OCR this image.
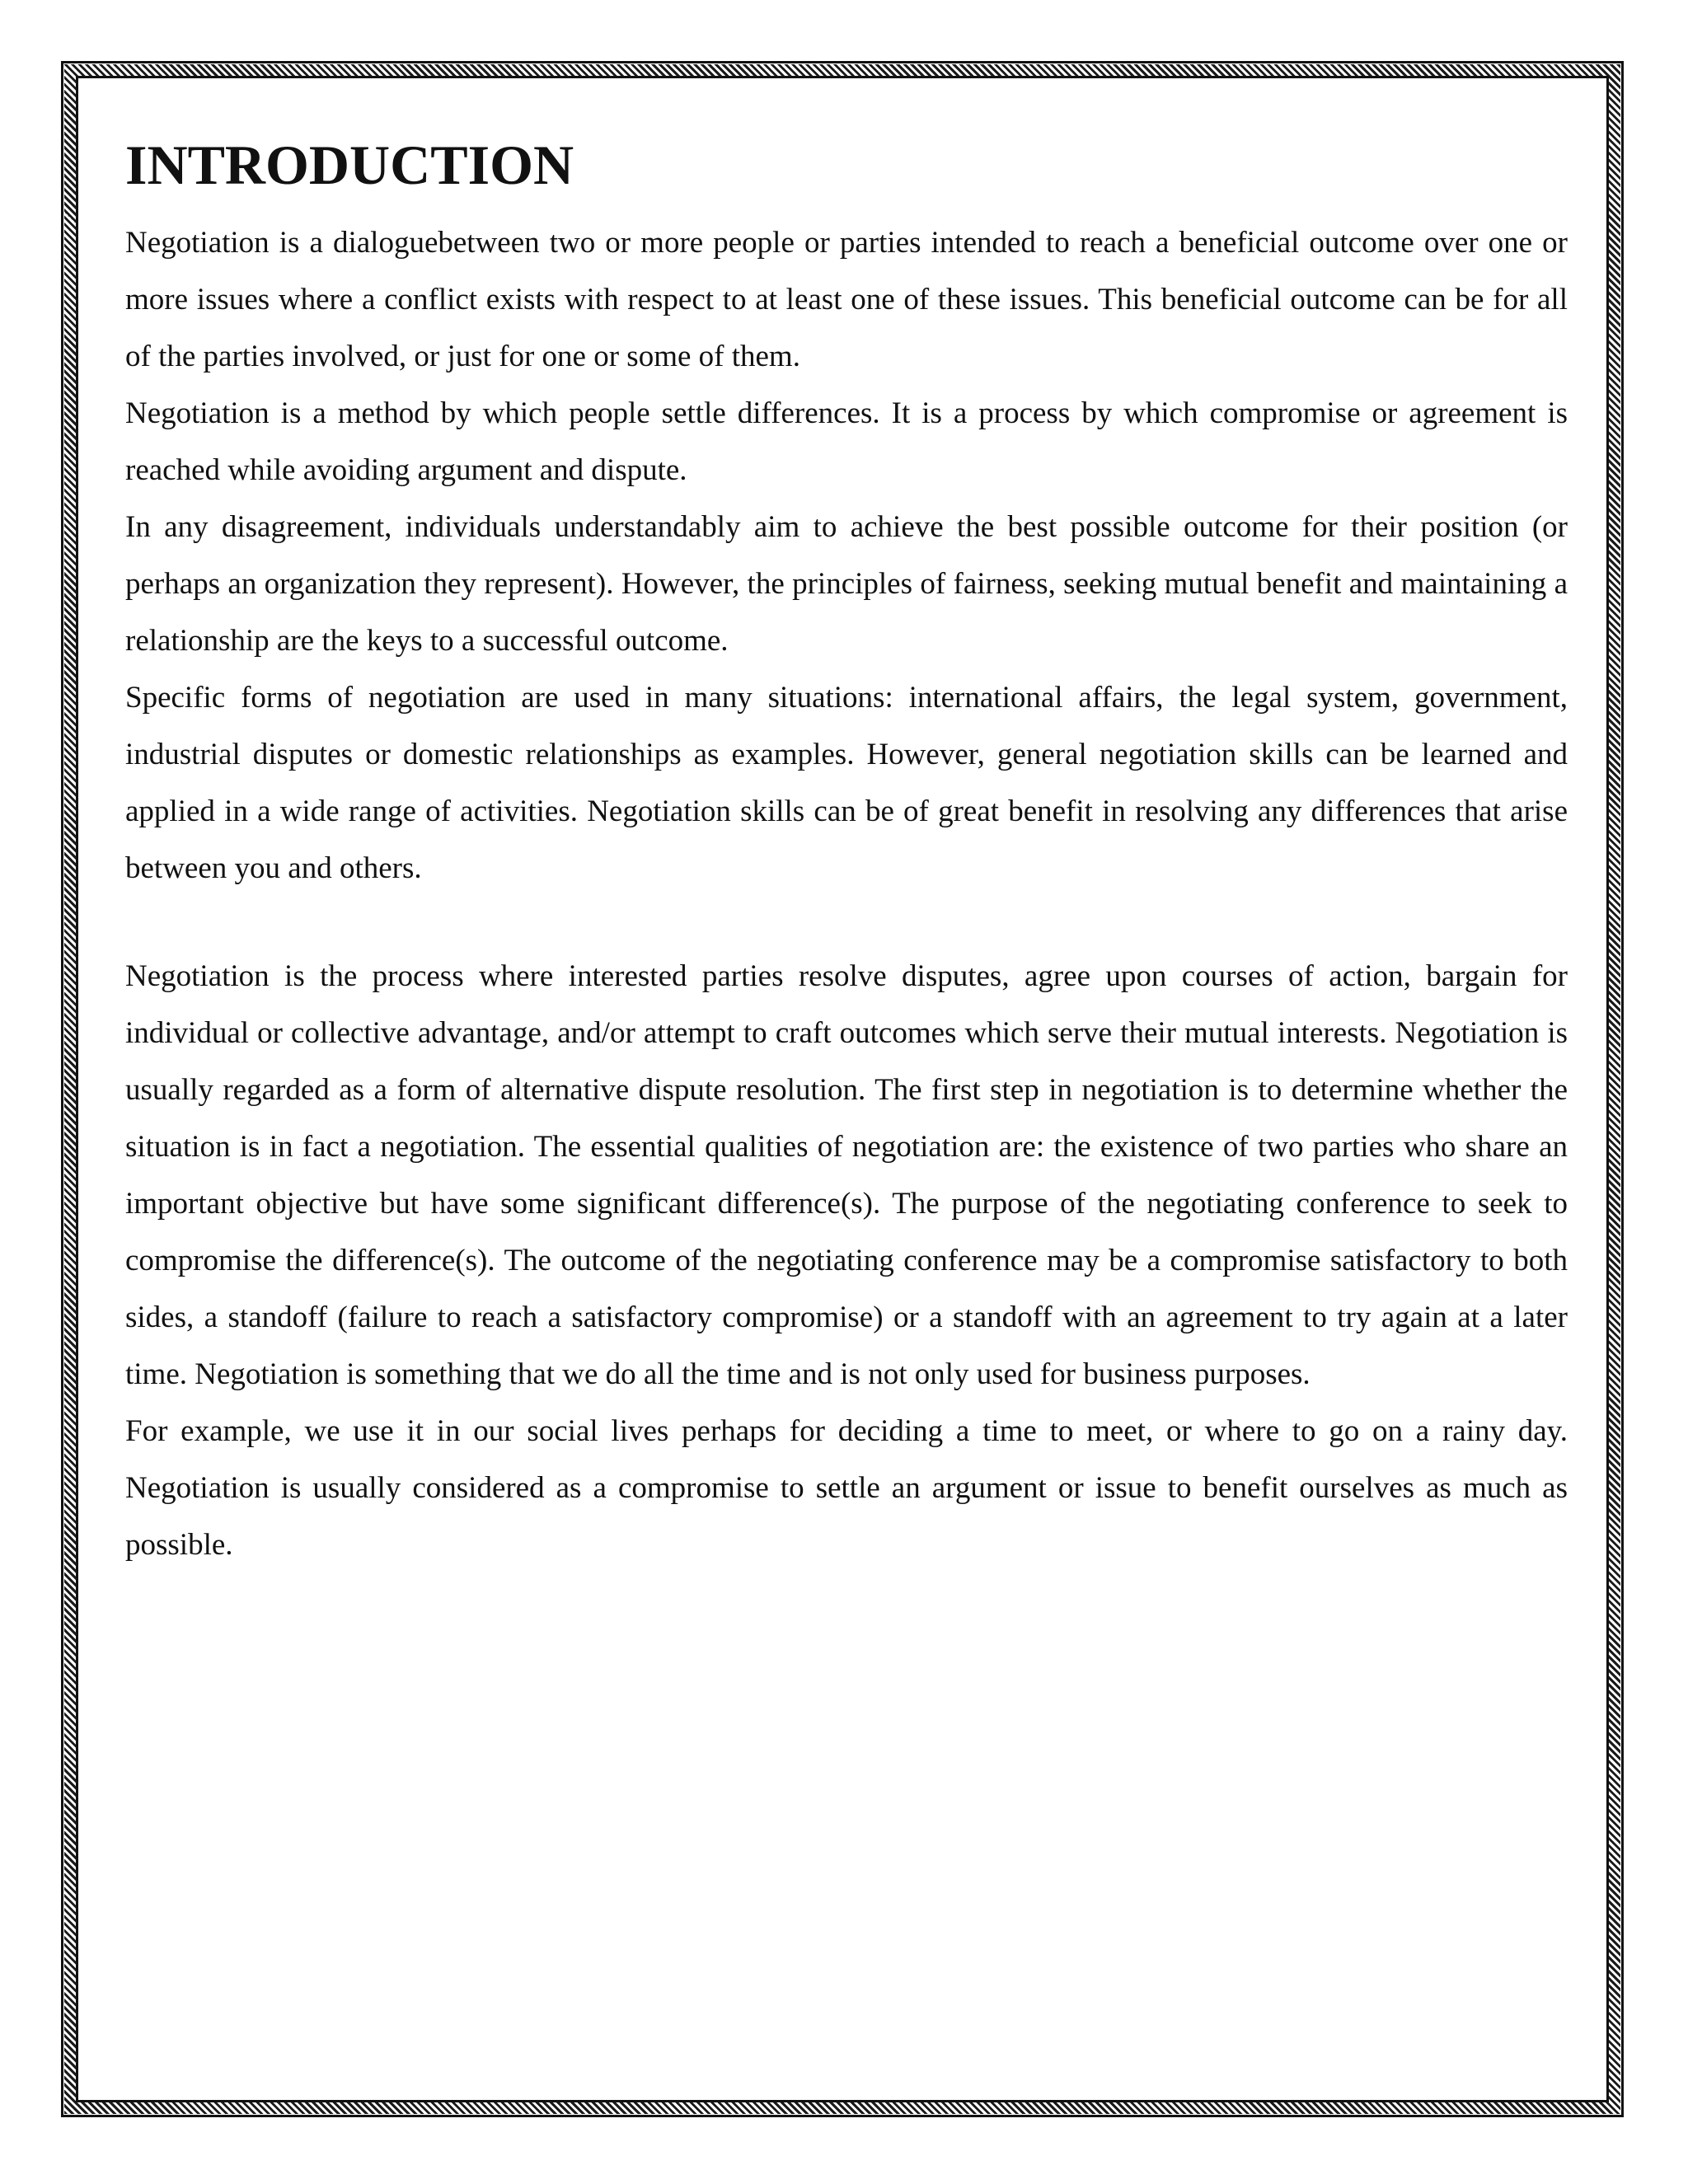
INTRODUCTION

Negotiation is a dialoguebetween two or more people or parties intended to reach a beneficial outcome over one or more issues where a conflict exists with respect to at least one of these issues. This beneficial outcome can be for all of the parties involved, or just for one or some of them.

Negotiation is a method by which people settle differences. It is a process by which compromise or agreement is reached while avoiding argument and dispute.

In any disagreement, individuals understandably aim to achieve the best possible outcome for their position (or perhaps an organization they represent). However, the principles of fairness, seeking mutual benefit and maintaining a relationship are the keys to a successful outcome.

Specific forms of negotiation are used in many situations: international affairs, the legal system, government, industrial disputes or domestic relationships as examples. However, general negotiation skills can be learned and applied in a wide range of activities. Negotiation skills can be of great benefit in resolving any differences that arise between you and others.

Negotiation is the process where interested parties resolve disputes, agree upon courses of action, bargain for individual or collective advantage, and/or attempt to craft outcomes which serve their mutual interests. Negotiation is usually regarded as a form of alternative dispute resolution. The first step in negotiation is to determine whether the situation is in fact a negotiation. The essential qualities of negotiation are: the existence of two parties who share an important objective but have some significant difference(s). The purpose of the negotiating conference to seek to compromise the difference(s). The outcome of the negotiating conference may be a compromise satisfactory to both sides, a standoff (failure to reach a satisfactory compromise) or a standoff with an agreement to try again at a later time. Negotiation is something that we do all the time and is not only used for business purposes.

For example, we use it in our social lives perhaps for deciding a time to meet, or where to go on a rainy day. Negotiation is usually considered as a compromise to settle an argument or issue to benefit ourselves as much as possible.
